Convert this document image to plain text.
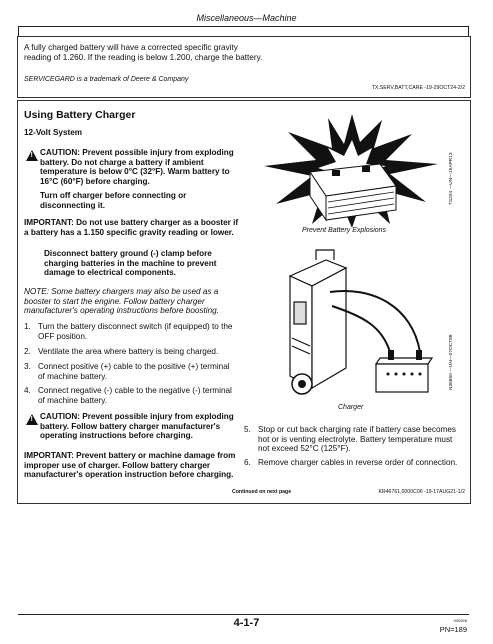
Miscellaneous—Machine
A fully charged battery will have a corrected specific gravity reading of 1.260. If the reading is below 1.200, charge the battery.
SERVICEGARD is a trademark of Deere & Company
TX,SERV,BATT,CARE -19-29OCT24-2/2
Using Battery Charger
12-Volt System
! CAUTION: Prevent possible injury from exploding battery. Do not charge a battery if ambient temperature is below 0°C (32°F). Warm battery to 16°C (60°F) before charging.
Turn off charger before connecting or disconnecting it.
IMPORTANT: Do not use battery charger as a booster if a battery has a 1.150 specific gravity reading or lower.
Disconnect battery ground (-) clamp before charging batteries in the machine to prevent damage to electrical components.
NOTE: Some battery chargers may also be used as a booster to start the engine. Follow battery charger manufacturer's operating instructions before boosting.
1. Turn the battery disconnect switch (if equipped) to the OFF position.
2. Ventilate the area where battery is being charged.
3. Connect positive (+) cable to the positive (+) terminal of machine battery.
4. Connect negative (-) cable to the negative (-) terminal of machine battery.
! CAUTION: Prevent possible injury from exploding battery. Follow battery charger manufacturer's operating instructions before charging.
IMPORTANT: Prevent battery or machine damage from improper use of charger. Follow battery charger manufacturer's operation instruction before charging.
5. Stop or cut back charging rate if battery case becomes hot or is venting electrolyte. Battery temperature must not exceed 52°C (125°F).
6. Remove charger cables in reverse order of connection.
Prevent Battery Explosions
TS204 —UN—15APR13
Charger
N36860 —UN—07OCT88
Continued on next page	KR46761,0000C06 -19-17AUG21-1/2
4-1-7	030926
PN=189
